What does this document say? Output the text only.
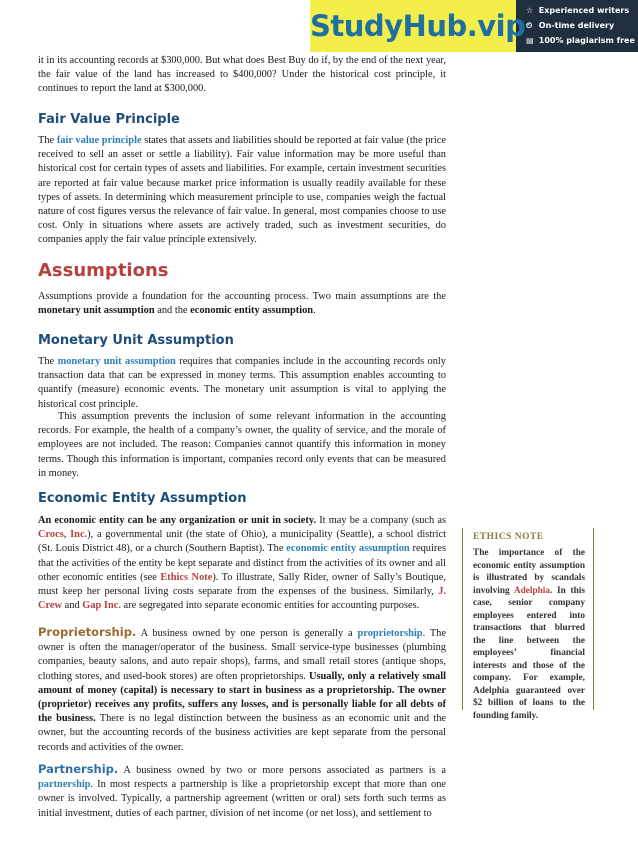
StudyHub.vip ☆ Experienced writers
⏲ On-time delivery
▤ 100% plagiarism free

it in its accounting records at $300,000. But what does Best Buy do if, by the end of the next year, the fair value of the land has increased to $400,000? Under the historical cost principle, it continues to report the land at $300,000.

Fair Value Principle

The fair value principle states that assets and liabilities should be reported at fair value (the price received to sell an asset or settle a liability). Fair value information may be more useful than historical cost for certain types of assets and liabilities. For example, certain investment securities are reported at fair value because market price information is usually readily available for these types of assets. In determining which measurement principle to use, companies weigh the factual nature of cost figures versus the relevance of fair value. In general, most companies choose to use cost. Only in situations where assets are actively traded, such as investment securities, do companies apply the fair value principle extensively.

Assumptions

Assumptions provide a foundation for the accounting process. Two main assumptions are the monetary unit assumption and the economic entity assumption.

Monetary Unit Assumption

The monetary unit assumption requires that companies include in the accounting records only transaction data that can be expressed in money terms. This assumption enables accounting to quantify (measure) economic events. The monetary unit assumption is vital to applying the historical cost principle.

This assumption prevents the inclusion of some relevant information in the accounting records. For example, the health of a company’s owner, the quality of service, and the morale of employees are not included. The reason: Companies cannot quantify this information in money terms. Though this information is important, companies record only events that can be measured in money.

Economic Entity Assumption

An economic entity can be any organization or unit in society. It may be a company (such as Crocs, Inc.), a governmental unit (the state of Ohio), a municipality (Seattle), a school district (St. Louis District 48), or a church (Southern Baptist). The economic entity assumption requires that the activities of the entity be kept separate and distinct from the activities of its owner and all other economic entities (see Ethics Note). To illustrate, Sally Rider, owner of Sally’s Boutique, must keep her personal living costs separate from the expenses of the business. Similarly, J. Crew and Gap Inc. are segregated into separate economic entities for accounting purposes.

Proprietorship. A business owned by one person is generally a proprietorship. The owner is often the manager/operator of the business. Small service-type businesses (plumbing companies, beauty salons, and auto repair shops), farms, and small retail stores (antique shops, clothing stores, and used-book stores) are often proprietorships. Usually, only a relatively small amount of money (capital) is necessary to start in business as a proprietorship. The owner (proprietor) receives any profits, suffers any losses, and is personally liable for all debts of the business. There is no legal distinction between the business as an economic unit and the owner, but the accounting records of the business activities are kept separate from the personal records and activities of the owner.

Partnership. A business owned by two or more persons associated as partners is a partnership. In most respects a partnership is like a proprietorship except that more than one owner is involved. Typically, a partnership agreement (written or oral) sets forth such terms as initial investment, duties of each partner, division of net income (or net loss), and settlement to

ETHICS NOTE

The importance of the economic entity assumption is illustrated by scandals involving Adelphia. In this case, senior company employees entered into transactions that blurred the line between the employees’ financial interests and those of the company. For example, Adelphia guaranteed over $2 billion of loans to the founding family.
